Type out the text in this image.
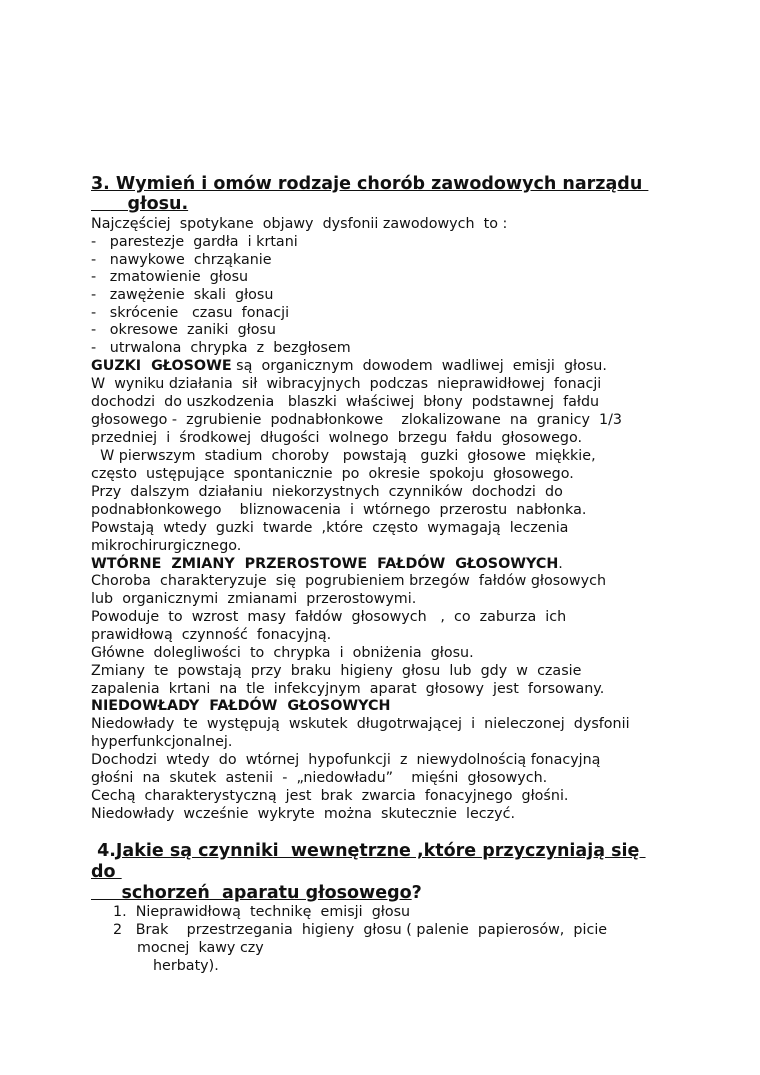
3. Wymień i omów rodzaje chorób zawodowych narządu
głosu.
Najczęściej  spotykane  objawy  dysfonii zawodowych  to :
-   parestezje  gardła  i krtani
-   nawykowe  chrząkanie
-   zmatowienie  głosu
-   zawężenie  skali  głosu
-   skrócenie   czasu  fonacji
-   okresowe  zaniki  głosu
-   utrwalona  chrypka  z  bezgłosem
GUZKI  GŁOSOWE są  organicznym  dowodem  wadliwej  emisji  głosu.
W  wyniku działania  sił  wibracyjnych  podczas  nieprawidłowej  fonacji
dochodzi  do uszkodzenia   blaszki  właściwej  błony  podstawnej  fałdu
głosowego -  zgrubienie  podnabłonkowe    zlokalizowane  na  granicy  1/3
przedniej  i  środkowej  długości  wolnego  brzegu  fałdu  głosowego.
W pierwszym  stadium  choroby   powstają   guzki  głosowe  miękkie,
często  ustępujące  spontanicznie  po  okresie  spokoju  głosowego.
Przy  dalszym  działaniu  niekorzystnych  czynników  dochodzi  do
podnabłonkowego    bliznowacenia  i  wtórnego  przerostu  nabłonka.
Powstają  wtedy  guzki  twarde  ,które  często  wymagają  leczenia
mikrochirurgicznego.
WTÓRNE  ZMIANY  PRZEROSTOWE  FAŁDÓW  GŁOSOWYCH.
Choroba  charakteryzuje  się  pogrubieniem brzegów  fałdów głosowych
lub  organicznymi  zmianami  przerostowymi.
Powoduje  to  wzrost  masy  fałdów  głosowych   ,  co  zaburza  ich
prawidłową  czynność  fonacyjną.
Główne  dolegliwości  to  chrypka  i  obniżenia  głosu.
Zmiany  te  powstają  przy  braku  higieny  głosu  lub  gdy  w  czasie
zapalenia  krtani  na  tle  infekcyjnym  aparat  głosowy  jest  forsowany.
NIEDOWŁADY  FAŁDÓW  GŁOSOWYCH
Niedowłady  te  występują  wskutek  długotrwającej  i  nieleczonej  dysfonii
hyperfunkcjonalnej.
Dochodzi  wtedy  do  wtórnej  hypofunkcji  z  niewydolnością fonacyjną
głośni  na  skutek  astenii  -  „niedowładu”    mięśni  głosowych.
Cechą  charakterystyczną  jest  brak  zwarcia  fonacyjnego  głośni.
Niedowłady  wcześnie  wykryte  można  skutecznie  leczyć.
4.Jakie są czynniki  wewnętrzne ,które przyczyniają się
do
schorzeń  aparatu głosowego?
1.  Nieprawidłową  technikę  emisji  głosu
2   Brak    przestrzegania  higieny  głosu ( palenie  papierosów,  picie
mocnej  kawy czy
herbaty).
